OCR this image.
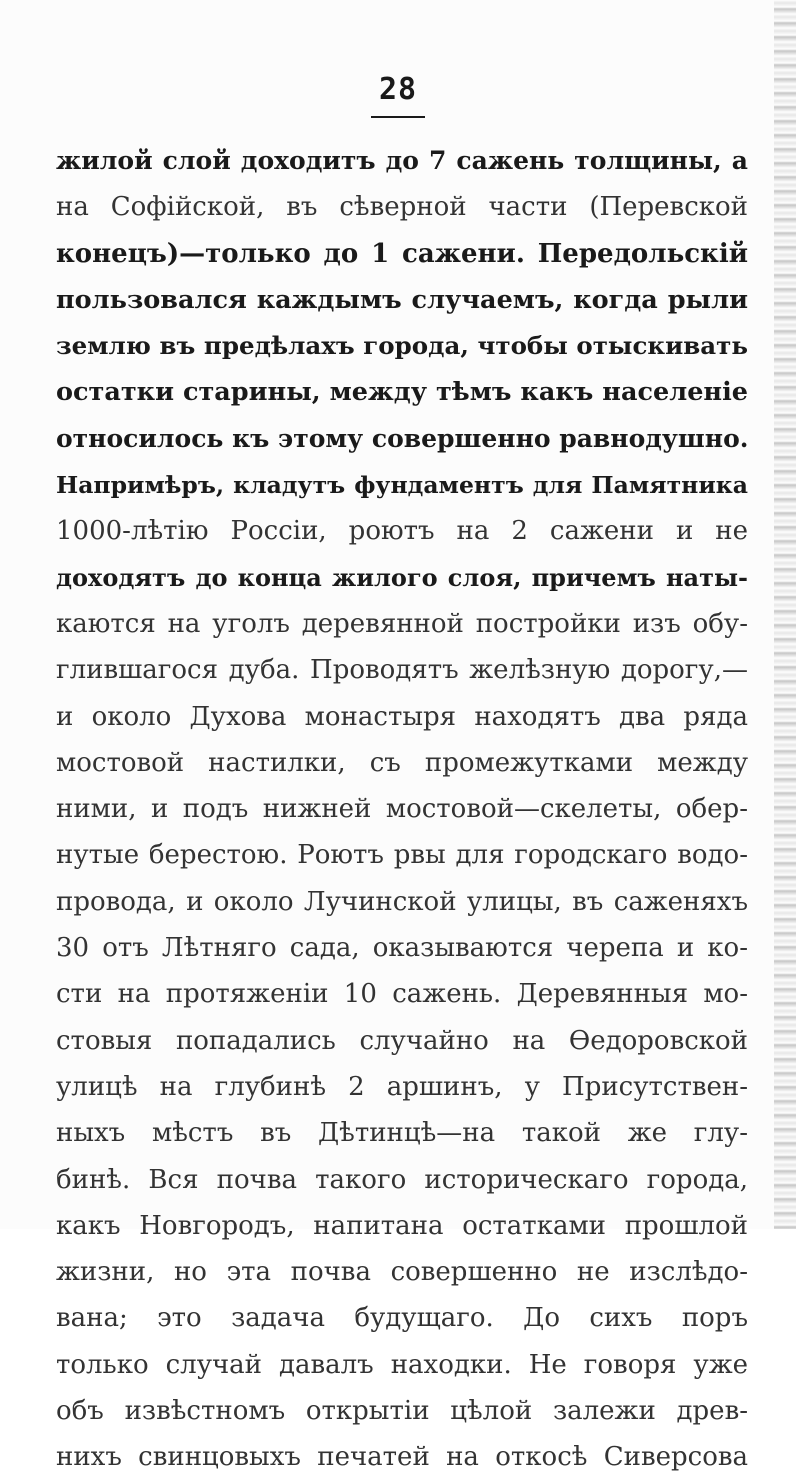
28
жилой слой доходитъ до 7 сажень толщины, а
на Софійской, въ сѣверной части (Перевской
конецъ)—только до 1 сажени. Передольскій
пользовался каждымъ случаемъ, когда рыли
землю въ предѣлахъ города, чтобы отыскивать
остатки старины, между тѣмъ какъ населеніе
относилось къ этому совершенно равнодушно.
Напримѣръ, кладутъ фундаментъ для Памятника
1000-лѣтію Россіи, роютъ на 2 сажени и не
доходятъ до конца жилого слоя, причемъ наты-
каются на уголъ деревянной постройки изъ обу-
глившагося дуба. Проводятъ желѣзную дорогу,—
и около Духова монастыря находятъ два ряда
мостовой настилки, съ промежутками между
ними, и подъ нижней мостовой—скелеты, обер-
нутые берестою. Роютъ рвы для городскаго водо-
провода, и около Лучинской улицы, въ саженяхъ
30 отъ Лѣтняго сада, оказываются черепа и ко-
сти на протяженіи 10 сажень. Деревянныя мо-
стовыя попадались случайно на Ѳедоровской
улицѣ на глубинѣ 2 аршинъ, у Присутствен-
ныхъ мѣстъ въ Дѣтинцѣ—на такой же глу-
бинѣ. Вся почва такого историческаго города,
какъ Новгородъ, напитана остатками прошлой
жизни, но эта почва совершенно не изслѣдо-
вана; это задача будущаго. До сихъ поръ
только случай давалъ находки. Не говоря уже
объ извѣстномъ открытіи цѣлой залежи древ-
нихъ свинцовыхъ печатей на откосѣ Сиверсова
